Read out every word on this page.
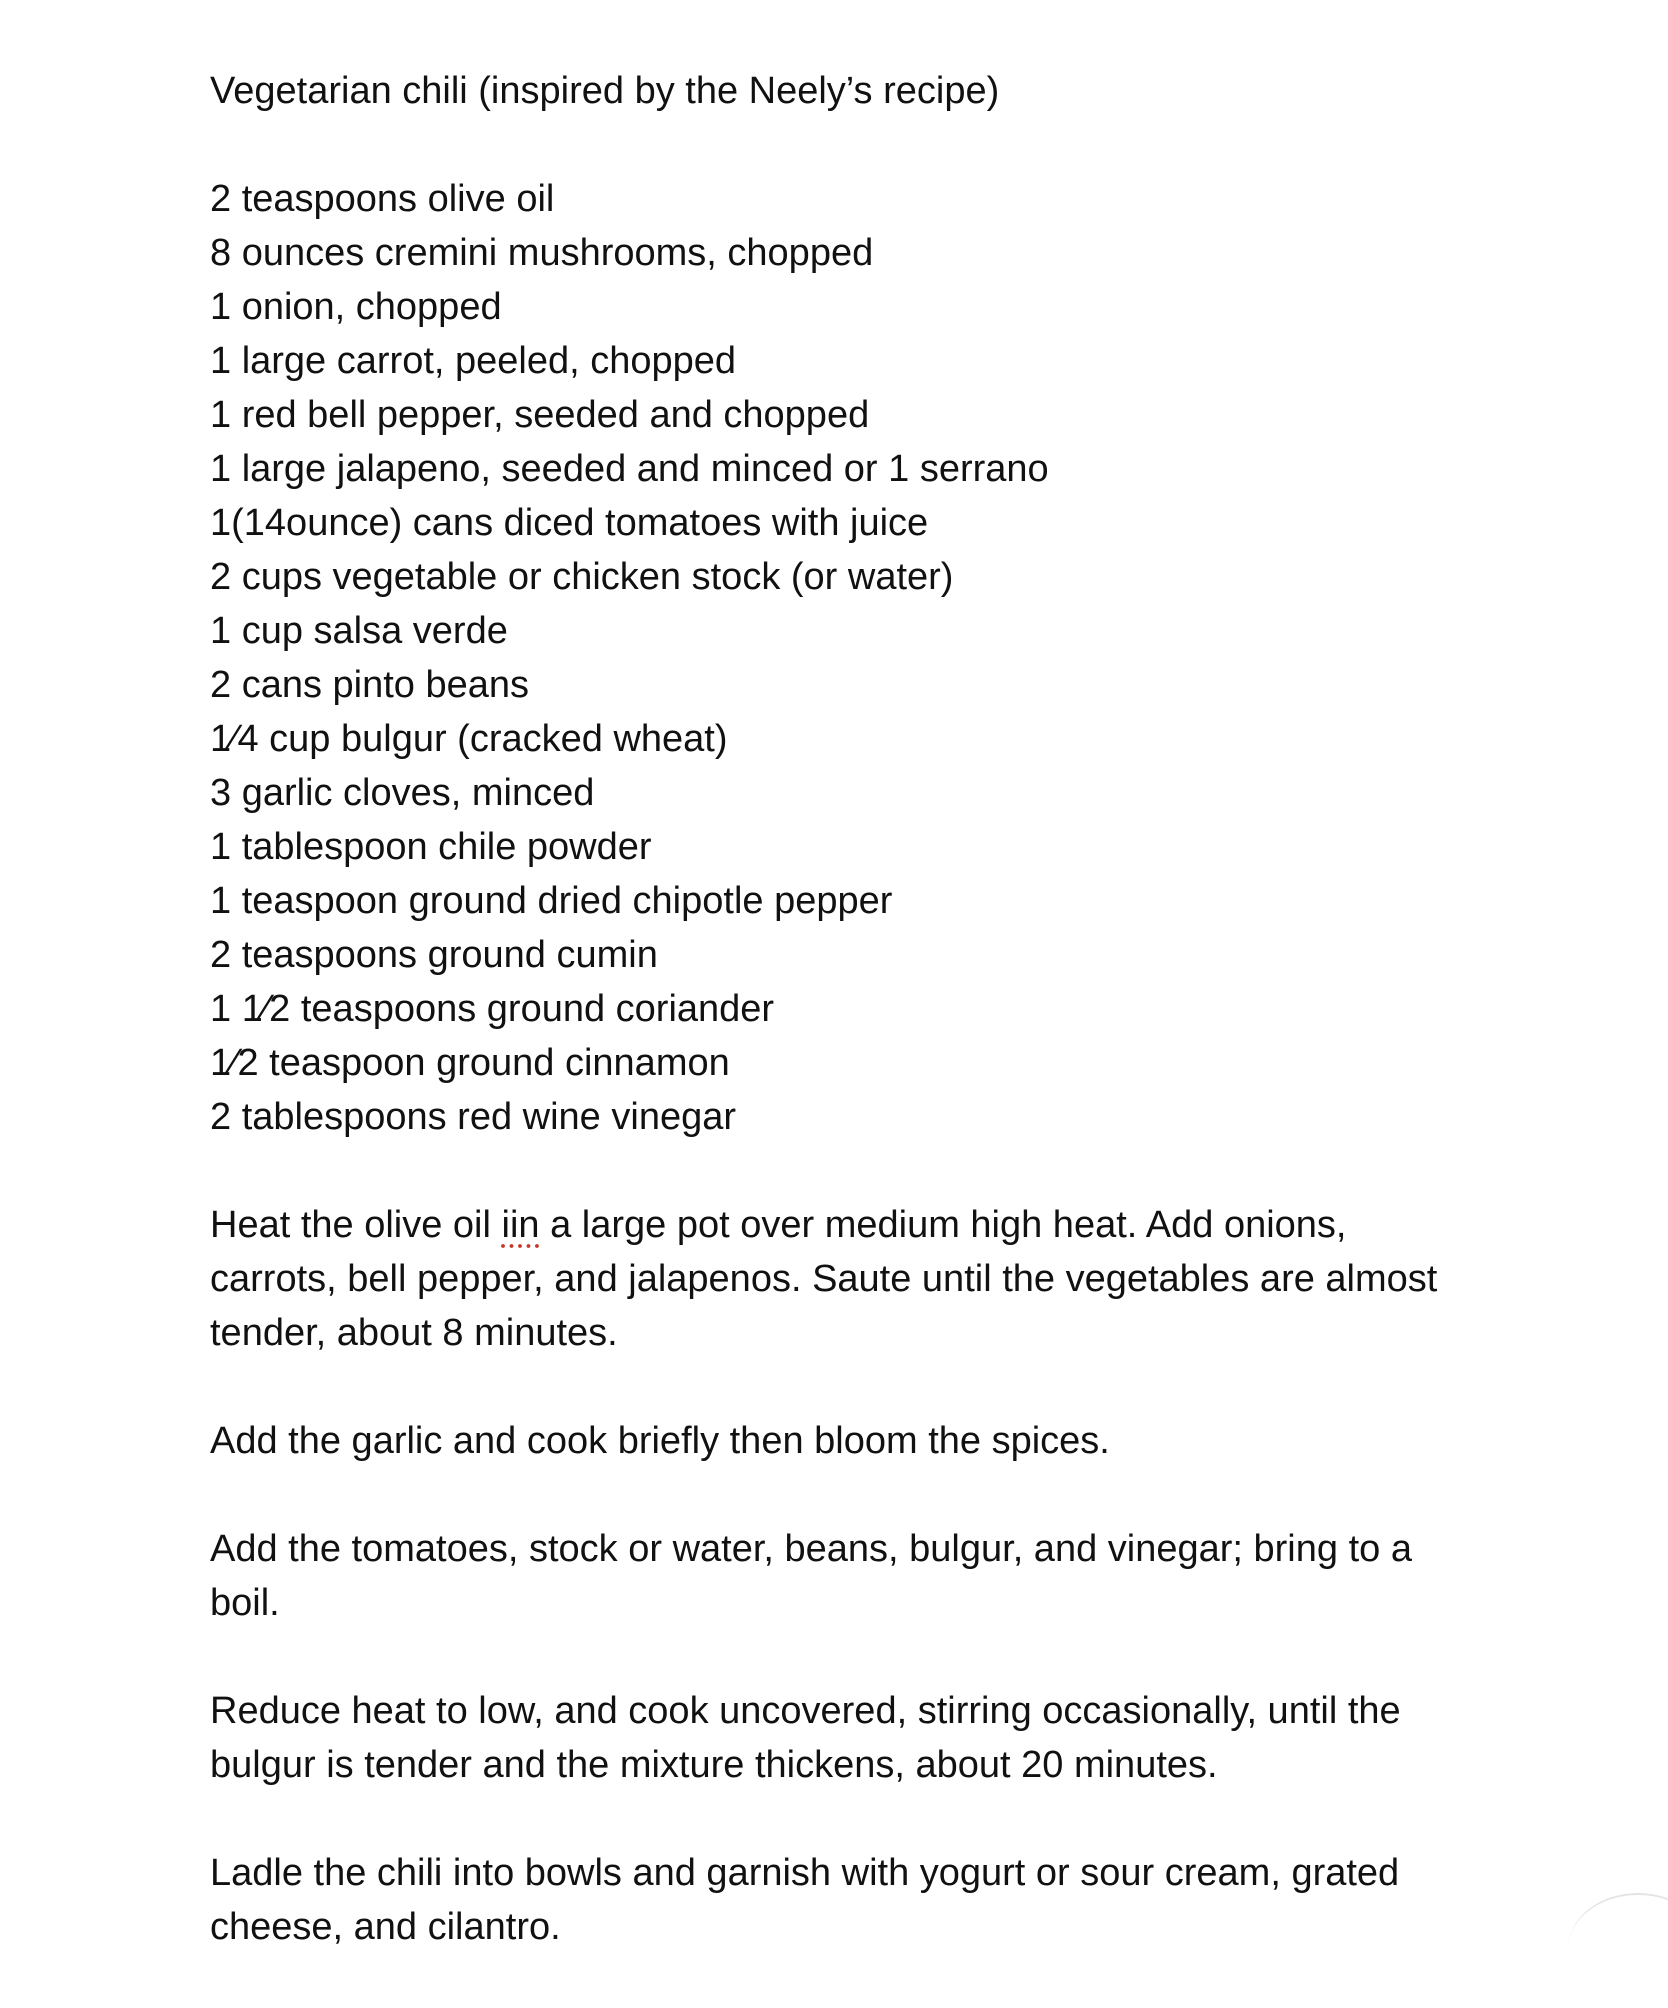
Vegetarian chili (inspired by the Neely’s recipe)

2 teaspoons olive oil
8 ounces cremini mushrooms, chopped
1 onion, chopped
1 large carrot, peeled, chopped
1 red bell pepper, seeded and chopped
1 large jalapeno, seeded and minced or 1 serrano
1(14ounce) cans diced tomatoes with juice
2 cups vegetable or chicken stock (or water)
1 cup salsa verde
2 cans pinto beans
1⁄4 cup bulgur (cracked wheat)
3 garlic cloves, minced
1 tablespoon chile powder
1 teaspoon ground dried chipotle pepper
2 teaspoons ground cumin
1 1⁄2 teaspoons ground coriander
1⁄2 teaspoon ground cinnamon
2 tablespoons red wine vinegar

Heat the olive oil iin a large pot over medium high heat. Add onions, carrots, bell pepper, and jalapenos. Saute until the vegetables are almost tender, about 8 minutes.

Add the garlic and cook briefly then bloom the spices.

Add the tomatoes, stock or water, beans, bulgur, and vinegar; bring to a boil.

Reduce heat to low, and cook uncovered, stirring occasionally, until the bulgur is tender and the mixture thickens, about 20 minutes.

Ladle the chili into bowls and garnish with yogurt or sour cream, grated cheese, and cilantro.
